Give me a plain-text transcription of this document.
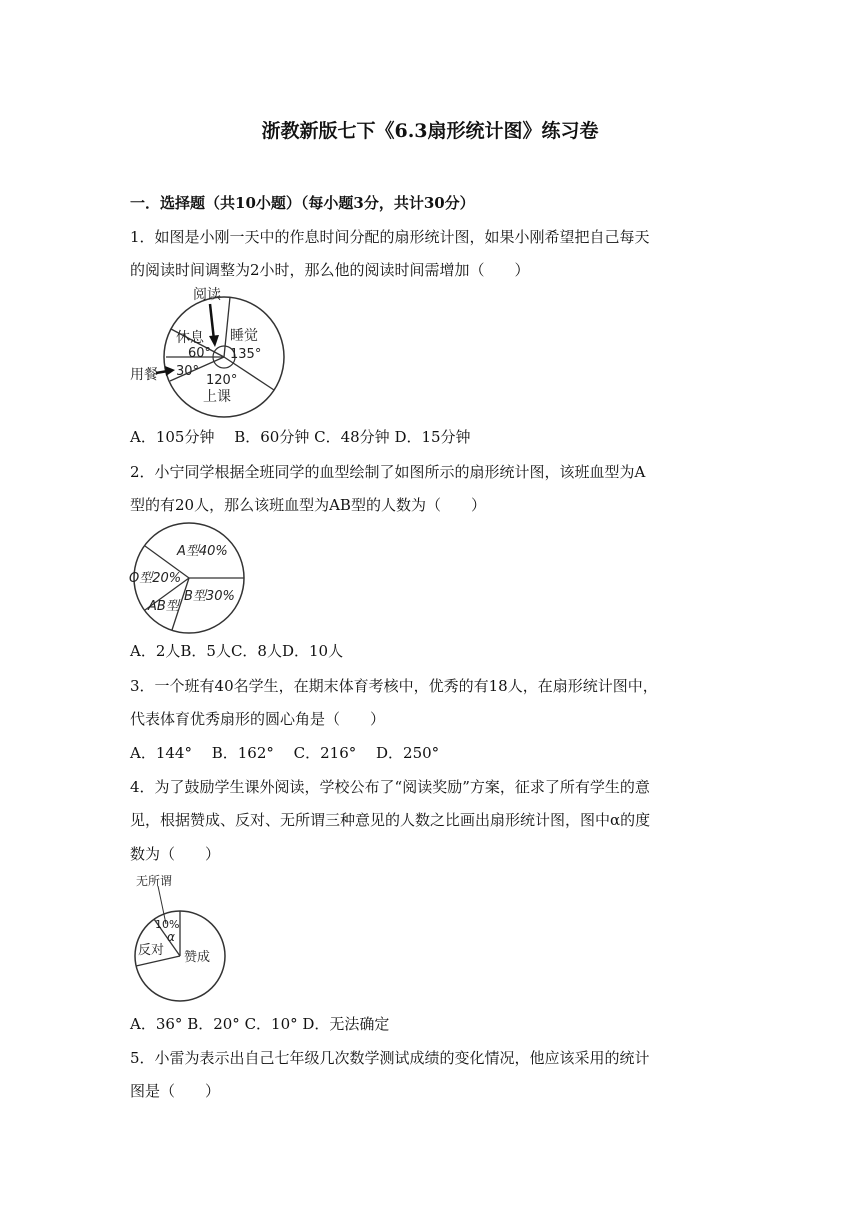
浙教新版七下《6.3扇形统计图》练习卷
一．选择题（共10小题）（每小题3分，共计30分）
1．如图是小刚一天中的作息时间分配的扇形统计图，如果小刚希望把自己每天
的阅读时间调整为2小时，那么他的阅读时间需增加（　　）
阅读
睡觉
135°
休息
60°
用餐 30°
120°
上课
A．105分钟　 B．60分钟 C．48分钟 D．15分钟
2．小宁同学根据全班同学的血型绘制了如图所示的扇形统计图，该班血型为A
型的有20人，那么该班血型为AB型的人数为（　　）
A型40%
O型20%
AB型
B型30%
A．2人B．5人C．8人D．10人
3．一个班有40名学生，在期末体育考核中，优秀的有18人，在扇形统计图中，
代表体育优秀扇形的圆心角是（　　）
A．144°　 B．162°　 C．216°　 D．250°
4．为了鼓励学生课外阅读，学校公布了“阅读奖励”方案，征求了所有学生的意
见，根据赞成、反对、无所谓三种意见的人数之比画出扇形统计图，图中α的度
数为（　　）
无所谓
10%
α
反对 赞成
A．36° B．20° C．10° D．无法确定
5．小雷为表示出自己七年级几次数学测试成绩的变化情况，他应该采用的统计
图是（　　）
